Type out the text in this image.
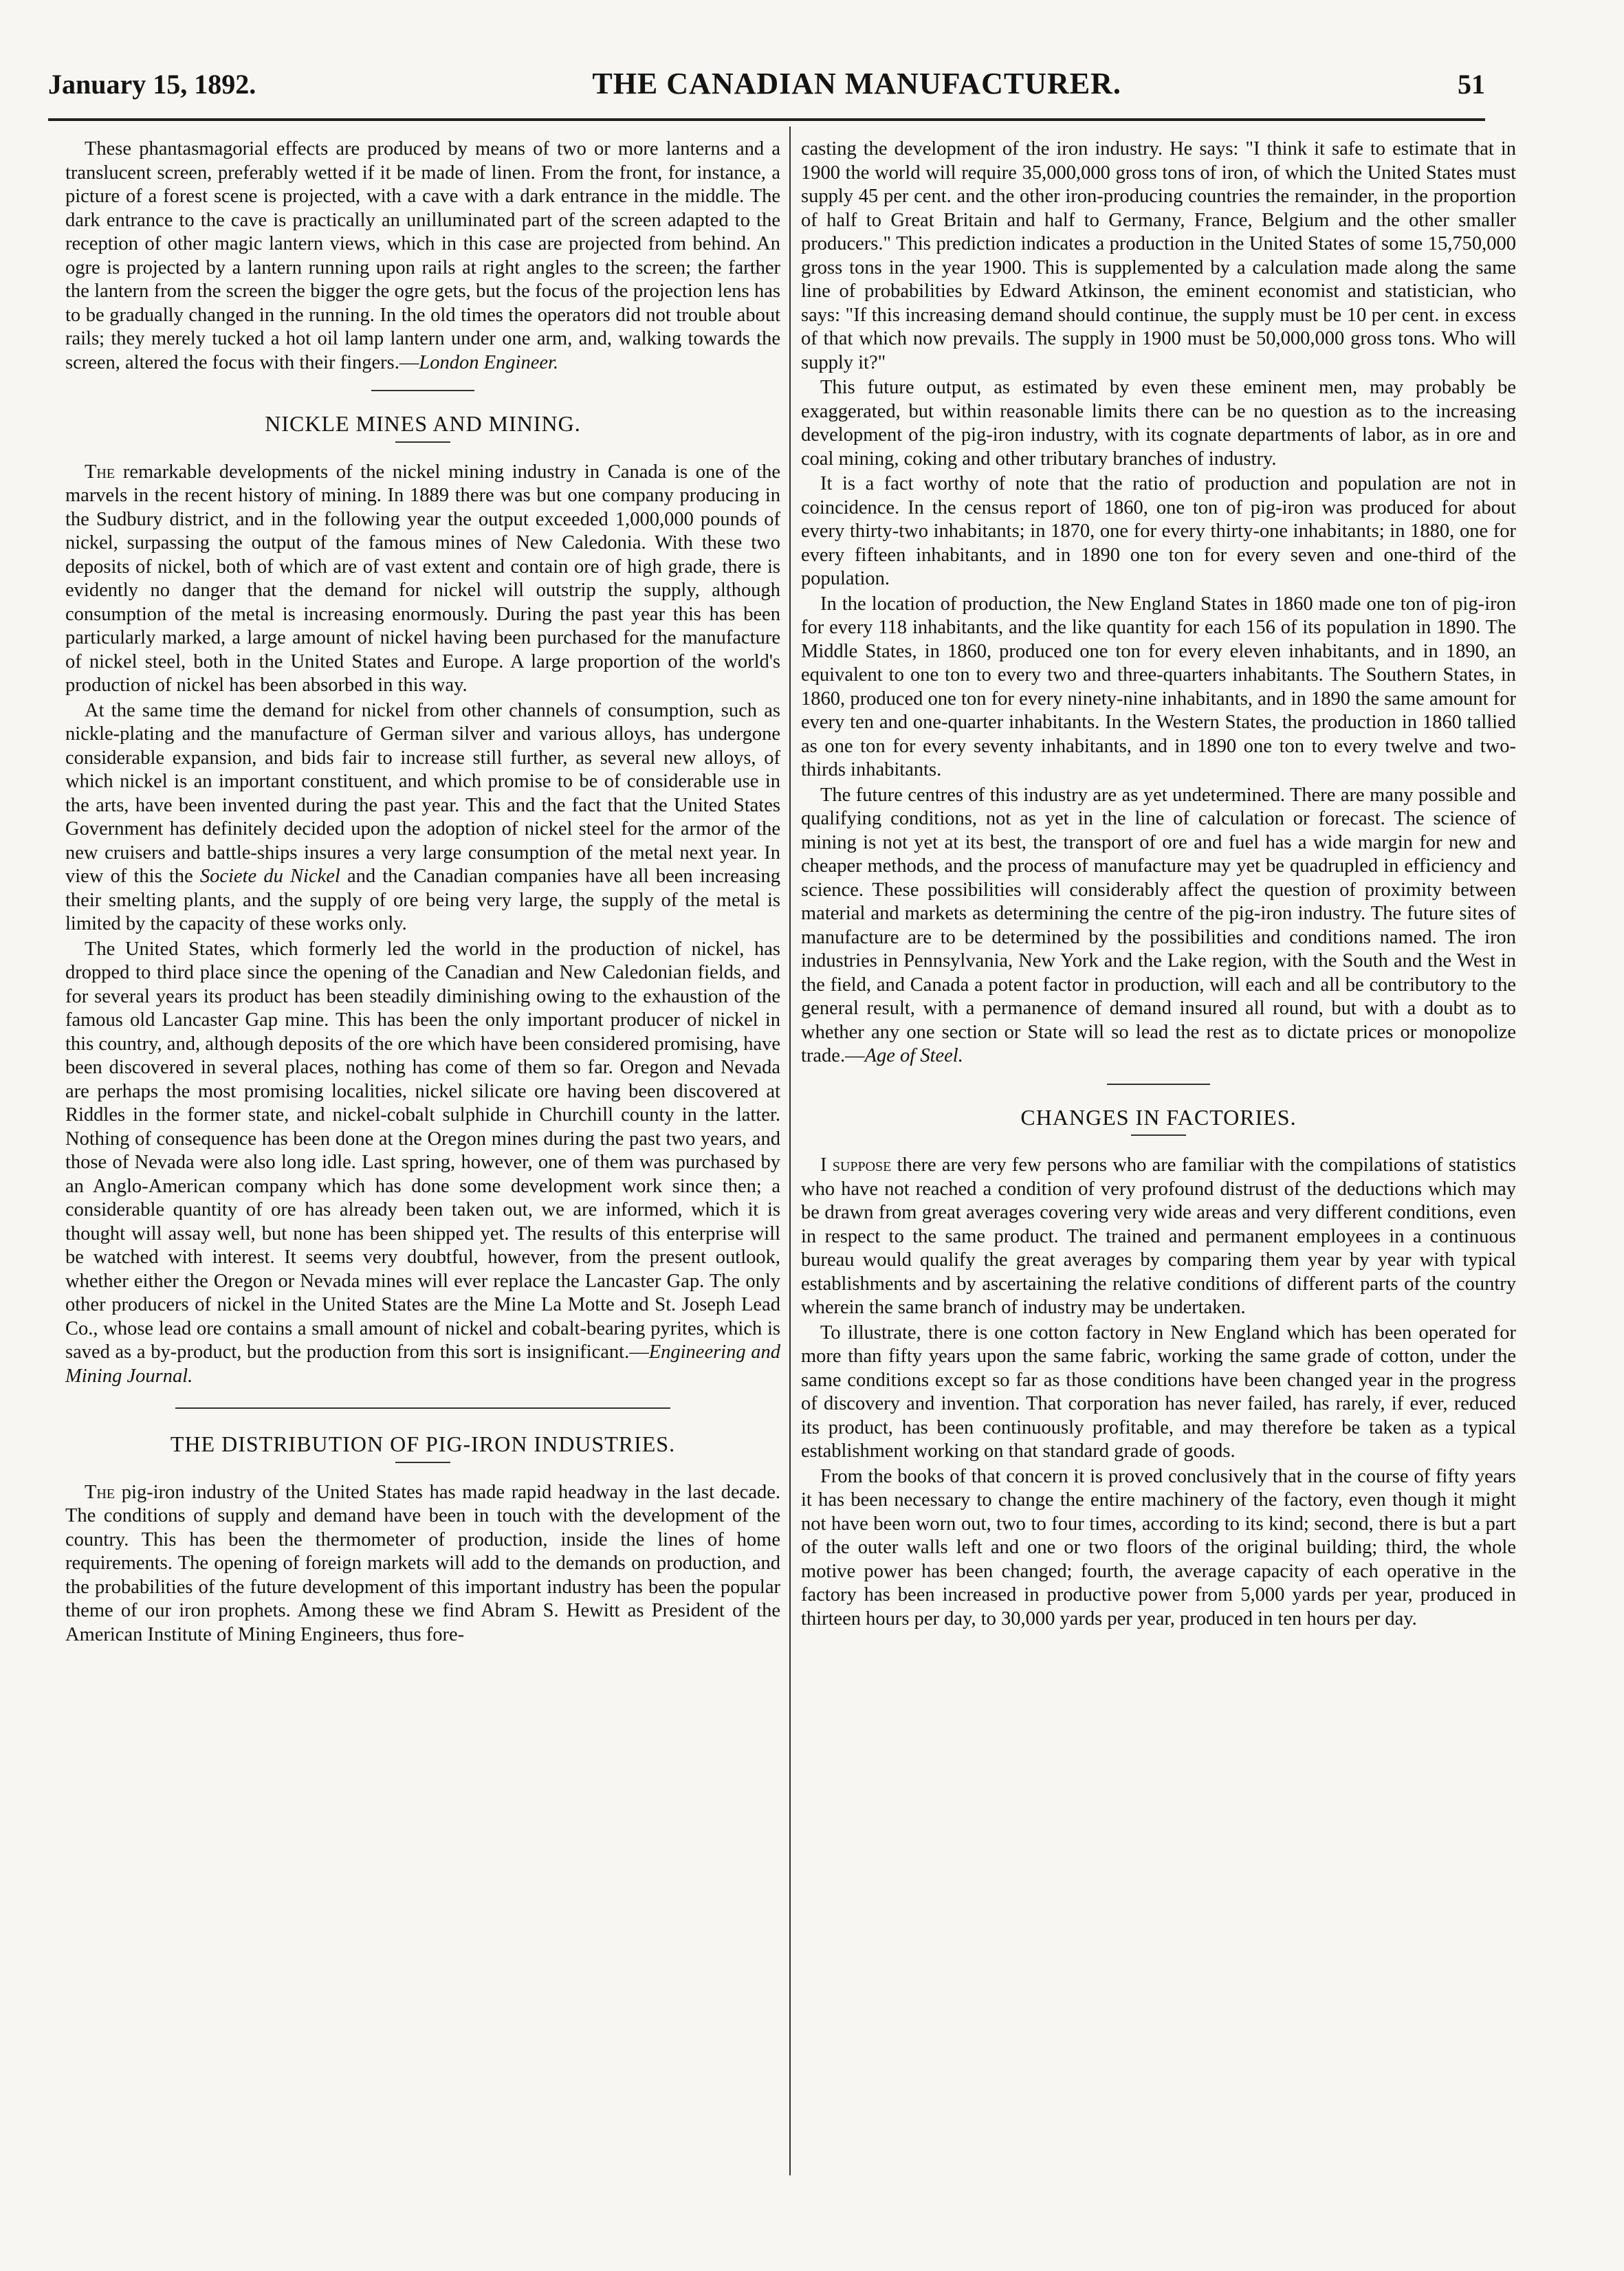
January 15, 1892.	THE CANADIAN MANUFACTURER.	51

These phantasmagorial effects are produced by means of two or more lanterns and a translucent screen, preferably wetted if it be made of linen. From the front, for instance, a picture of a forest scene is projected, with a cave with a dark entrance in the middle. The dark entrance to the cave is practically an unilluminated part of the screen adapted to the reception of other magic lantern views, which in this case are projected from behind. An ogre is projected by a lantern running upon rails at right angles to the screen; the farther the lantern from the screen the bigger the ogre gets, but the focus of the projection lens has to be gradually changed in the running. In the old times the operators did not trouble about rails; they merely tucked a hot oil lamp lantern under one arm, and, walking towards the screen, altered the focus with their fingers.—London Engineer.

NICKLE MINES AND MINING.

The remarkable developments of the nickel mining industry in Canada is one of the marvels in the recent history of mining. In 1889 there was but one company producing in the Sudbury district, and in the following year the output exceeded 1,000,000 pounds of nickel, surpassing the output of the famous mines of New Caledonia. With these two deposits of nickel, both of which are of vast extent and contain ore of high grade, there is evidently no danger that the demand for nickel will outstrip the supply, although consumption of the metal is increasing enormously. During the past year this has been particularly marked, a large amount of nickel having been purchased for the manufacture of nickel steel, both in the United States and Europe. A large proportion of the world's production of nickel has been absorbed in this way.

At the same time the demand for nickel from other channels of consumption, such as nickle-plating and the manufacture of German silver and various alloys, has undergone considerable expansion, and bids fair to increase still further, as several new alloys, of which nickel is an important constituent, and which promise to be of considerable use in the arts, have been invented during the past year. This and the fact that the United States Government has definitely decided upon the adoption of nickel steel for the armor of the new cruisers and battle-ships insures a very large consumption of the metal next year. In view of this the Societe du Nickel and the Canadian companies have all been increasing their smelting plants, and the supply of ore being very large, the supply of the metal is limited by the capacity of these works only.

The United States, which formerly led the world in the production of nickel, has dropped to third place since the opening of the Canadian and New Caledonian fields, and for several years its product has been steadily diminishing owing to the exhaustion of the famous old Lancaster Gap mine. This has been the only important producer of nickel in this country, and, although deposits of the ore which have been considered promising, have been discovered in several places, nothing has come of them so far. Oregon and Nevada are perhaps the most promising localities, nickel silicate ore having been discovered at Riddles in the former state, and nickel-cobalt sulphide in Churchill county in the latter. Nothing of consequence has been done at the Oregon mines during the past two years, and those of Nevada were also long idle. Last spring, however, one of them was purchased by an Anglo-American company which has done some development work since then; a considerable quantity of ore has already been taken out, we are informed, which it is thought will assay well, but none has been shipped yet. The results of this enterprise will be watched with interest. It seems very doubtful, however, from the present outlook, whether either the Oregon or Nevada mines will ever replace the Lancaster Gap. The only other producers of nickel in the United States are the Mine La Motte and St. Joseph Lead Co., whose lead ore contains a small amount of nickel and cobalt-bearing pyrites, which is saved as a by-product, but the production from this sort is insignificant.—Engineering and Mining Journal.

THE DISTRIBUTION OF PIG-IRON INDUSTRIES.

The pig-iron industry of the United States has made rapid headway in the last decade. The conditions of supply and demand have been in touch with the development of the country. This has been the thermometer of production, inside the lines of home requirements. The opening of foreign markets will add to the demands on production, and the probabilities of the future development of this important industry has been the popular theme of our iron prophets. Among these we find Abram S. Hewitt as President of the American Institute of Mining Engineers, thus fore-

casting the development of the iron industry. He says: "I think it safe to estimate that in 1900 the world will require 35,000,000 gross tons of iron, of which the United States must supply 45 per cent. and the other iron-producing countries the remainder, in the proportion of half to Great Britain and half to Germany, France, Belgium and the other smaller producers." This prediction indicates a production in the United States of some 15,750,000 gross tons in the year 1900. This is supplemented by a calculation made along the same line of probabilities by Edward Atkinson, the eminent economist and statistician, who says: "If this increasing demand should continue, the supply must be 10 per cent. in excess of that which now prevails. The supply in 1900 must be 50,000,000 gross tons. Who will supply it?"

This future output, as estimated by even these eminent men, may probably be exaggerated, but within reasonable limits there can be no question as to the increasing development of the pig-iron industry, with its cognate departments of labor, as in ore and coal mining, coking and other tributary branches of industry.

It is a fact worthy of note that the ratio of production and population are not in coincidence. In the census report of 1860, one ton of pig-iron was produced for about every thirty-two inhabitants; in 1870, one for every thirty-one inhabitants; in 1880, one for every fifteen inhabitants, and in 1890 one ton for every seven and one-third of the population.

In the location of production, the New England States in 1860 made one ton of pig-iron for every 118 inhabitants, and the like quantity for each 156 of its population in 1890. The Middle States, in 1860, produced one ton for every eleven inhabitants, and in 1890, an equivalent to one ton to every two and three-quarters inhabitants. The Southern States, in 1860, produced one ton for every ninety-nine inhabitants, and in 1890 the same amount for every ten and one-quarter inhabitants. In the Western States, the production in 1860 tallied as one ton for every seventy inhabitants, and in 1890 one ton to every twelve and two-thirds inhabitants.

The future centres of this industry are as yet undetermined. There are many possible and qualifying conditions, not as yet in the line of calculation or forecast. The science of mining is not yet at its best, the transport of ore and fuel has a wide margin for new and cheaper methods, and the process of manufacture may yet be quadrupled in efficiency and science. These possibilities will considerably affect the question of proximity between material and markets as determining the centre of the pig-iron industry. The future sites of manufacture are to be determined by the possibilities and conditions named. The iron industries in Pennsylvania, New York and the Lake region, with the South and the West in the field, and Canada a potent factor in production, will each and all be contributory to the general result, with a permanence of demand insured all round, but with a doubt as to whether any one section or State will so lead the rest as to dictate prices or monopolize trade.—Age of Steel.

CHANGES IN FACTORIES.

I suppose there are very few persons who are familiar with the compilations of statistics who have not reached a condition of very profound distrust of the deductions which may be drawn from great averages covering very wide areas and very different conditions, even in respect to the same product. The trained and permanent employees in a continuous bureau would qualify the great averages by comparing them year by year with typical establishments and by ascertaining the relative conditions of different parts of the country wherein the same branch of industry may be undertaken.

To illustrate, there is one cotton factory in New England which has been operated for more than fifty years upon the same fabric, working the same grade of cotton, under the same conditions except so far as those conditions have been changed year in the progress of discovery and invention. That corporation has never failed, has rarely, if ever, reduced its product, has been continuously profitable, and may therefore be taken as a typical establishment working on that standard grade of goods.

From the books of that concern it is proved conclusively that in the course of fifty years it has been necessary to change the entire machinery of the factory, even though it might not have been worn out, two to four times, according to its kind; second, there is but a part of the outer walls left and one or two floors of the original building; third, the whole motive power has been changed; fourth, the average capacity of each operative in the factory has been increased in productive power from 5,000 yards per year, produced in thirteen hours per day, to 30,000 yards per year, produced in ten hours per day.
